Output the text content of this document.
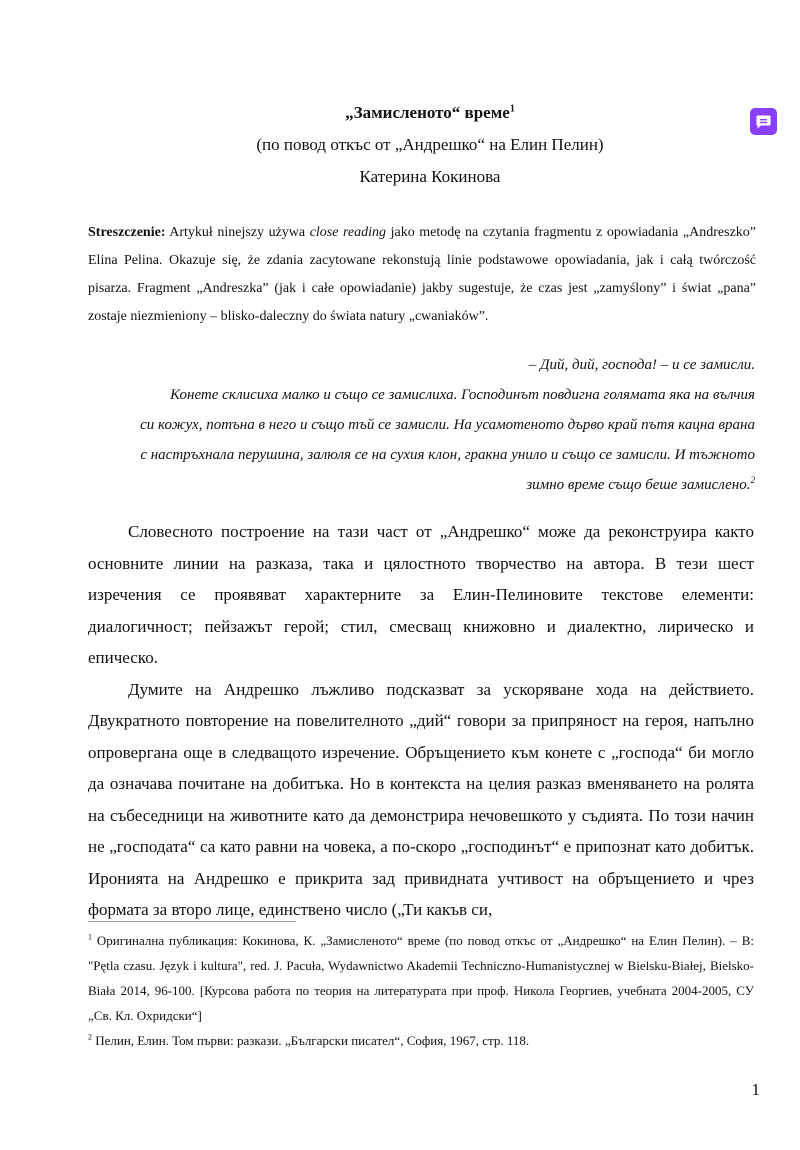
„Замисленото“ време$^1$
(по повод откъс от „Андрешко“ на Елин Пелин)
Катерина Кокинова
Streszczenie: Artykuł ninejszy używa close reading jako metodę na czytania fragmentu z opowiadania „Andreszko” Elina Pelina. Okazuje się, że zdania zacytowane rekonstują linie podstawowe opowiadania, jak i całą twórczość pisarza. Fragment „Andreszka” (jak i całe opowiadanie) jakby sugestuje, że czas jest „zamyślony” i świat „pana” zostaje niezmieniony – blisko-daleczny do świata natury „cwaniaków”.

– Дий, дий, господа! – и се замисли.

Конете склисиха малко и също се замислиха. Господинът повдигна голямата яка на вълчия

си кожух, потъна в него и също тъй се замисли. На усамотеното дърво край пътя кацна врана

с настръхнала перушина, залюля се на сухия клон, гракна унило и също се замисли. И тъжното

зимно време също беше замислено.$^2$

Словесното построение на тази част от „Андрешко“ може да реконструира както основните линии на разказа, така и цялостното творчество на автора. В тези шест изречения се проявяват характерните за Елин-Пелиновите текстове елементи: диалогичност; пейзажът герой; стил, смесващ книжовно и диалектно, лирическо и епическо.

Думите на Андрешко лъжливо подсказват за ускоряване хода на действието. Двукратното повторение на повелителното „дий“ говори за припряност на героя, напълно опровергана още в следващото изречение. Обръщението към конете с „господа“ би могло да означава почитане на добитъка. Но в контекста на целия разказ вменяването на ролята на събеседници на животните като да демонстрира нечовешкото у съдията. По този начин не „господата“ са като равни на човека, а по-скоро „господинът“ е припознат като добитък. Иронията на Андрешко е прикрита зад привидната учтивост на обръщението и чрез формата за второ лице, единствено число („Ти какъв си,

$^1$ Оригинална публикация: Кокинова, К. „Замисленото“ време (по повод откъс от „Андрешко“ на Елин Пелин). – В: "Pętla czasu. Język i kultura", red. J. Pacuła, Wydawnictwo Akademii Techniczno-Humanistycznej w Bielsku-Białej, Bielsko-Biała 2014, 96-100. [Курсова работа по теория на литературата при проф. Никола Георгиев, учебната 2004-2005, СУ „Св. Кл. Охридски“]

$^2$ Пелин, Елин. Том първи: разкази. „Български писател“, София, 1967, стр. 118.

1
